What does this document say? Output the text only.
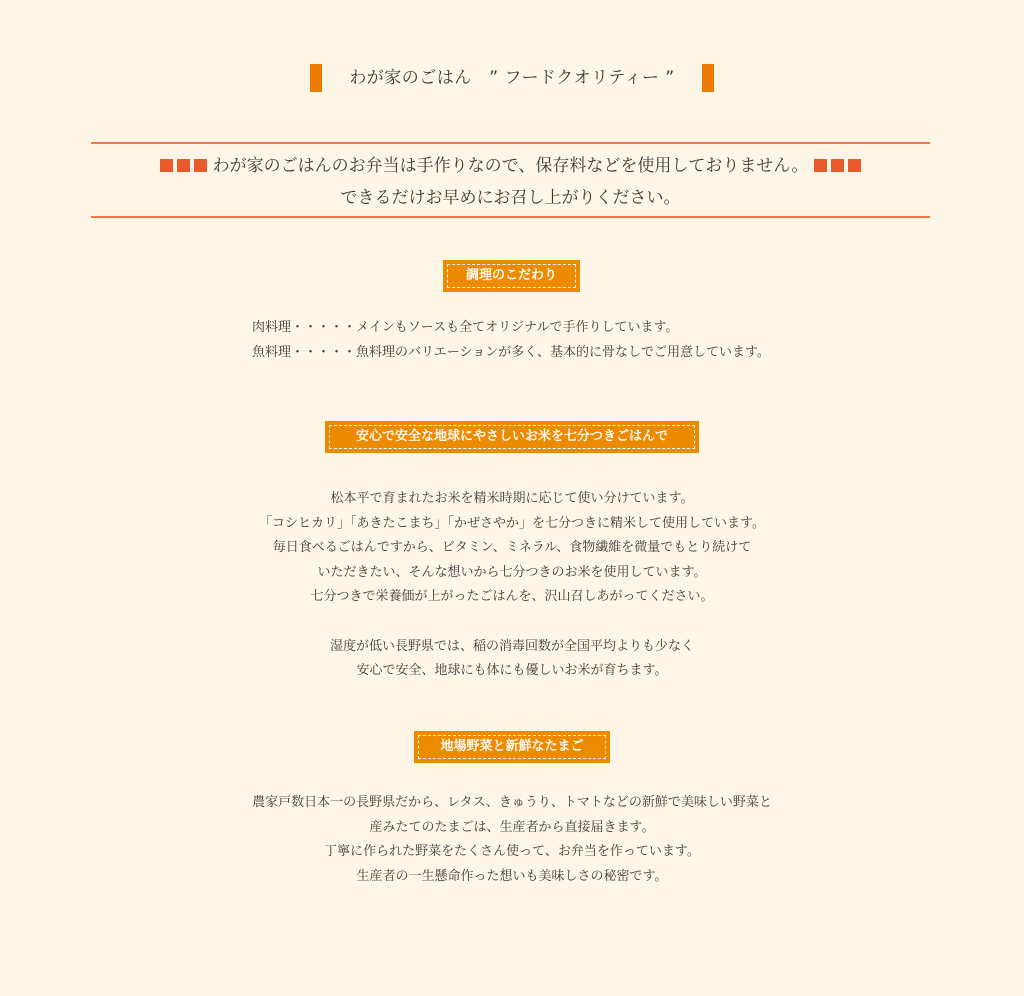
わが家のごはん　” フードクオリティー ”
わが家のごはんのお弁当は手作りなので、保存料などを使用しておりません。
できるだけお早めにお召し上がりください。
調理のこだわり

肉料理・・・・・メインもソースも全てオリジナルで手作りしています。

魚料理・・・・・魚料理のバリエーションが多く、基本的に骨なしでご用意しています。

安心で安全な地球にやさしいお米を七分つきごはんで

松本平で育まれたお米を精米時期に応じて使い分けています。

「コシヒカリ」「あきたこまち」「かぜさやか」を七分つきに精米して使用しています。

毎日食べるごはんですから、ビタミン、ミネラル、食物繊維を微量でもとり続けて

いただきたい、そんな想いから七分つきのお米を使用しています。

七分つきで栄養価が上がったごはんを、沢山召しあがってください。

湿度が低い長野県では、稲の消毒回数が全国平均よりも少なく

安心で安全、地球にも体にも優しいお米が育ちます。

地場野菜と新鮮なたまご

農家戸数日本一の長野県だから、レタス、きゅうり、トマトなどの新鮮で美味しい野菜と

産みたてのたまごは、生産者から直接届きます。

丁寧に作られた野菜をたくさん使って、お弁当を作っています。

生産者の一生懸命作った想いも美味しさの秘密です。
